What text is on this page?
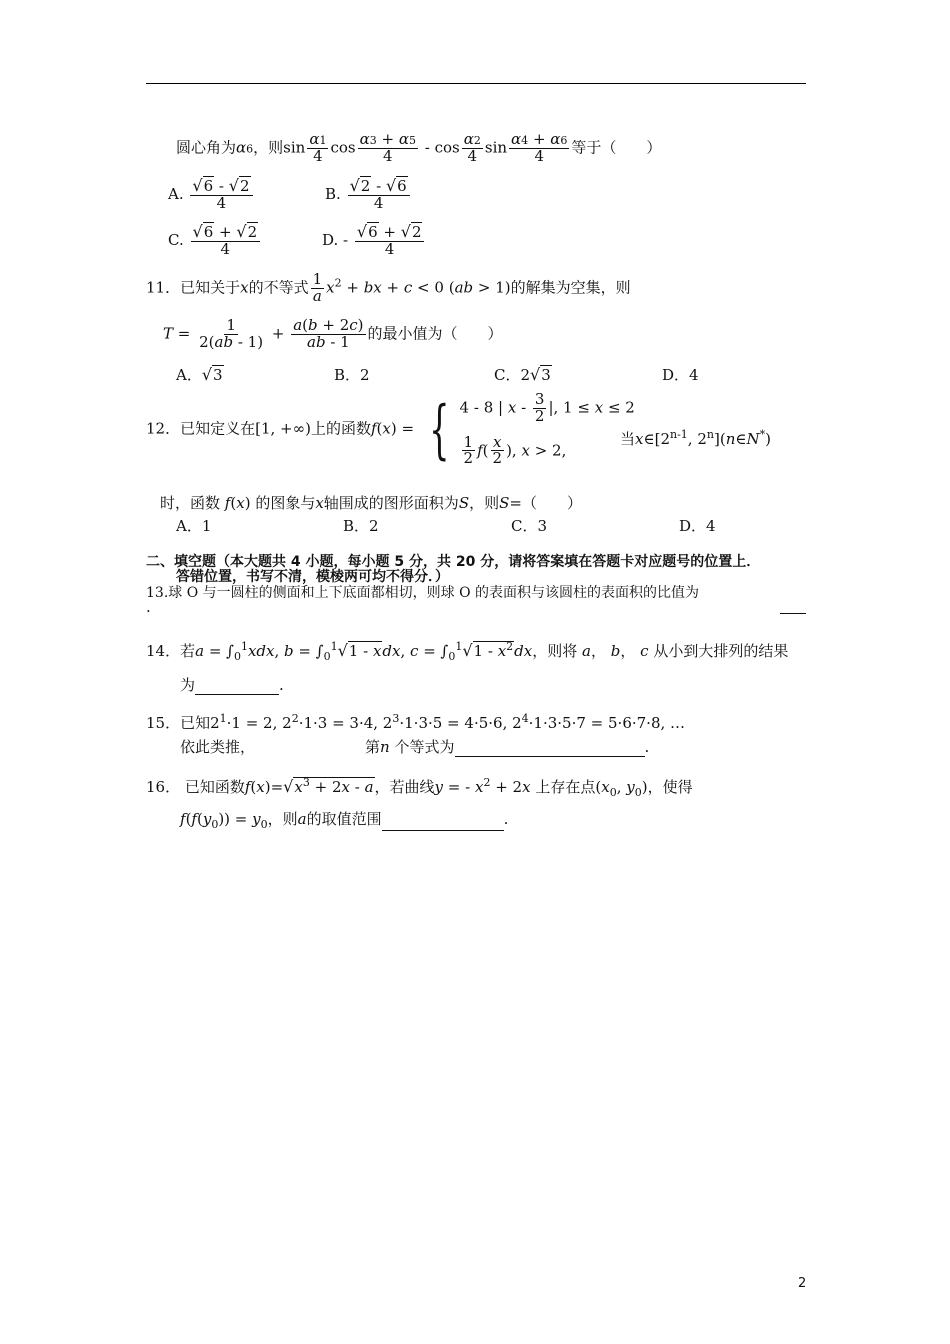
圆心角为α6，则$\sin \frac{\alpha 1}{4}$ $\cos \frac{\alpha 3 + \alpha 5}{4}$ - $\cos \frac{\alpha 2}{4}$ $\sin \frac{\alpha 4 + \alpha 6}{4}$ 等于（　　）
A. $\frac{√6 - √2}{4}$	B. $\frac{√2 - √6}{4}$
C. $\frac{√6 + √2}{4}$	D. - $\frac{√6 + √2}{4}$
11．已知关于x的不等式 $\frac{1}{a} x^2$ + bx + c < 0 (ab > 1)的解集为空集，则
$T = \frac{1}{2(ab - 1)} + \frac{a(b + 2c)}{ab - 1}$ 的最小值为（　　）
A．√3	B．2	C．2√3	D．4
12．已知定义在[1, +∞)上的函数f(x) = { 4 - 8 | x - $\frac{3}{2}$ |, 1 ≤ x ≤ 2
$\frac{1}{2} f( \frac{x}{2}$ ), x > 2,
当x∈[2$^{n-1}$, 2$^n$](n∈N*)
时，函数 f(x) 的图象与x轴围成的图形面积为S，则S=（　　）
A．1	B．2	C．3	D．4
二、填空题（本大题共 4 小题，每小题 5 分，共 20 分，请将答案填在答题卡对应题号的位置上．
答错位置，书写不清，模棱两可均不得分．）
13.球 O 与一圆柱的侧面和上下底面都相切，则球 O 的表面积与该圆柱的表面积的比值为
.
14．若$a = \int_0^1xdx$, $b = \int_0^1√1$ - xdx, $c = \int_0^1√1 - x^2dx$，则将 a， b， c 从小到大排列的结果
为	.
15．已知$2^1\cdot 1 = 2$, $2^2\cdot 1\cdot 3 = 3\cdot 4$, $2^3\cdot 1\cdot 3\cdot 5 = 4\cdot 5\cdot 6$, $2^4\cdot 1\cdot 3\cdot 5\cdot 7 = 5\cdot 6\cdot 7\cdot 8$, …
依此类推，	第n 个等式为	.
16． 已知函数$f(x)=√x^3 + 2x - a$，若曲线y = - $x^2 + 2x$ 上存在点($x_0$, $y_0$)，使得
$f(f(y_0)) = y_0$，则a的取值范围	.
2
